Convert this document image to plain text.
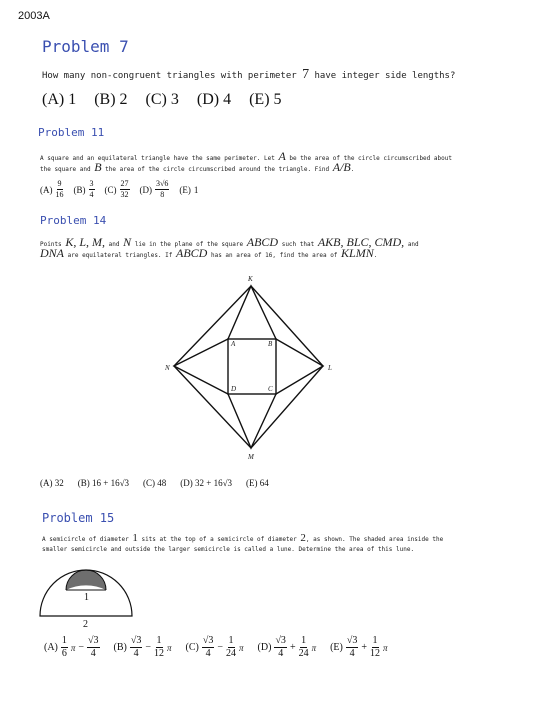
2003A
Problem 7
How many non-congruent triangles with perimeter 7 have integer side lengths?
(A) 1 (B) 2 (C) 3 (D) 4 (E) 5
Problem 11
A square and an equilateral triangle have the same perimeter. Let A be the area of the circle circumscribed about
the square and B the area of the circle circumscribed around the triangle. Find A/B.
$(A) \frac{9}{16} (B) \frac{3}{4} (C) \frac{27}{32} (D) \frac{3√6}{8} (E)$ 1
Problem 14
Points K, L, M, and N lie in the plane of the square ABCD such that AKB, BLC, CMD, and
DNA are equilateral triangles. If ABCD has an area of 16, find the area of KLMN.
K
L
M
N
A	B
C
D
(A) 32 (B) 16 + 16√3 (C) 48 (D) 32 + 16√3 (E) 64
Problem 15
A semicircle of diameter 1 sits at the top of a semicircle of diameter 2, as shown. The shaded area inside the
smaller semicircle and outside the larger semicircle is called a lune. Determine the area of this lune.
1
2
$(A) \frac{1}{6}$ $\pi - \frac{√3}{4} (B) \frac{√3}{4} - \frac{1}{12}$ π $(C) \frac{√3}{4} - \frac{1}{24}$ π $(D) \frac{√3}{4} + \frac{1}{24}$ π $(E) \frac{√3}{4} + \frac{1}{12}$ π
